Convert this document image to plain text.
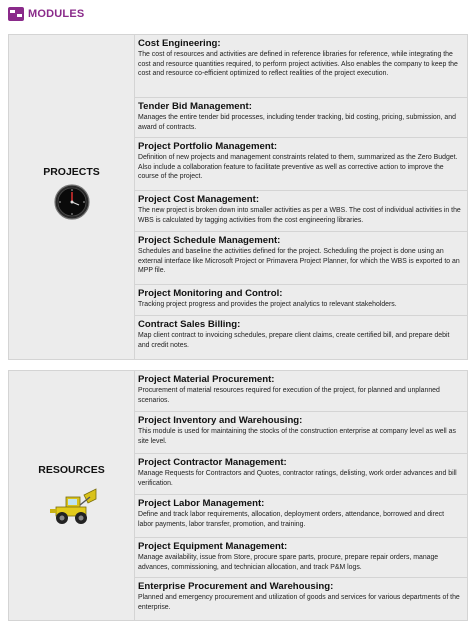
MODULES
PROJECTS
Cost Engineering:
The cost of resources and activities are defined in reference libraries for reference, while integrating the cost and resource quantities required, to perform project activities. Also enables the company to keep the cost and resource co-efficient optimized to reflect realities of the project execution.
Tender Bid Management:
Manages the entire tender bid processes, including tender tracking, bid costing, pricing, submission, and award of contracts.
Project Portfolio Management:
Definition of new projects and management constraints related to them, summarized as the Zero Budget. Also include a collaboration feature to facilitate preventive as well as corrective action to improve the course of the project.
Project Cost Management:
The new project is broken down into smaller activities as per a WBS. The cost of individual activities in the WBS is calculated by tagging activities from the cost engineering libraries.
Project Schedule Management:
Schedules and baseline the activities defined for the project. Scheduling the project is done using an external interface like Microsoft Project or Primavera Project Planner, for which the WBS is exported to an MPP file.
Project Monitoring and Control:
Tracking project progress and provides the project analytics to relevant stakeholders.
Contract Sales Billing:
Map client contract to invoicing schedules, prepare client claims, create certified bill, and prepare debit and credit notes.
RESOURCES
Project Material Procurement:
Procurement of material resources required for execution of the project, for planned and unplanned scenarios.
Project Inventory and Warehousing:
This module is used for maintaining the stocks of the construction enterprise at company level as well as site level.
Project Contractor Management:
Manage Requests for Contractors and Quotes, contractor ratings, delisting, work order advances and bill verification.
Project Labor Management:
Define and track labor requirements, allocation, deployment orders, attendance, borrowed and direct labor payments, labor transfer, promotion, and training.
Project Equipment Management:
Manage availability, issue from Store, procure spare parts, procure, prepare repair orders, manage advances, commissioning, and technician allocation, and track P&M logs.
Enterprise Procurement and Warehousing:
Planned and emergency procurement and utilization of goods and services for various departments of the enterprise.
